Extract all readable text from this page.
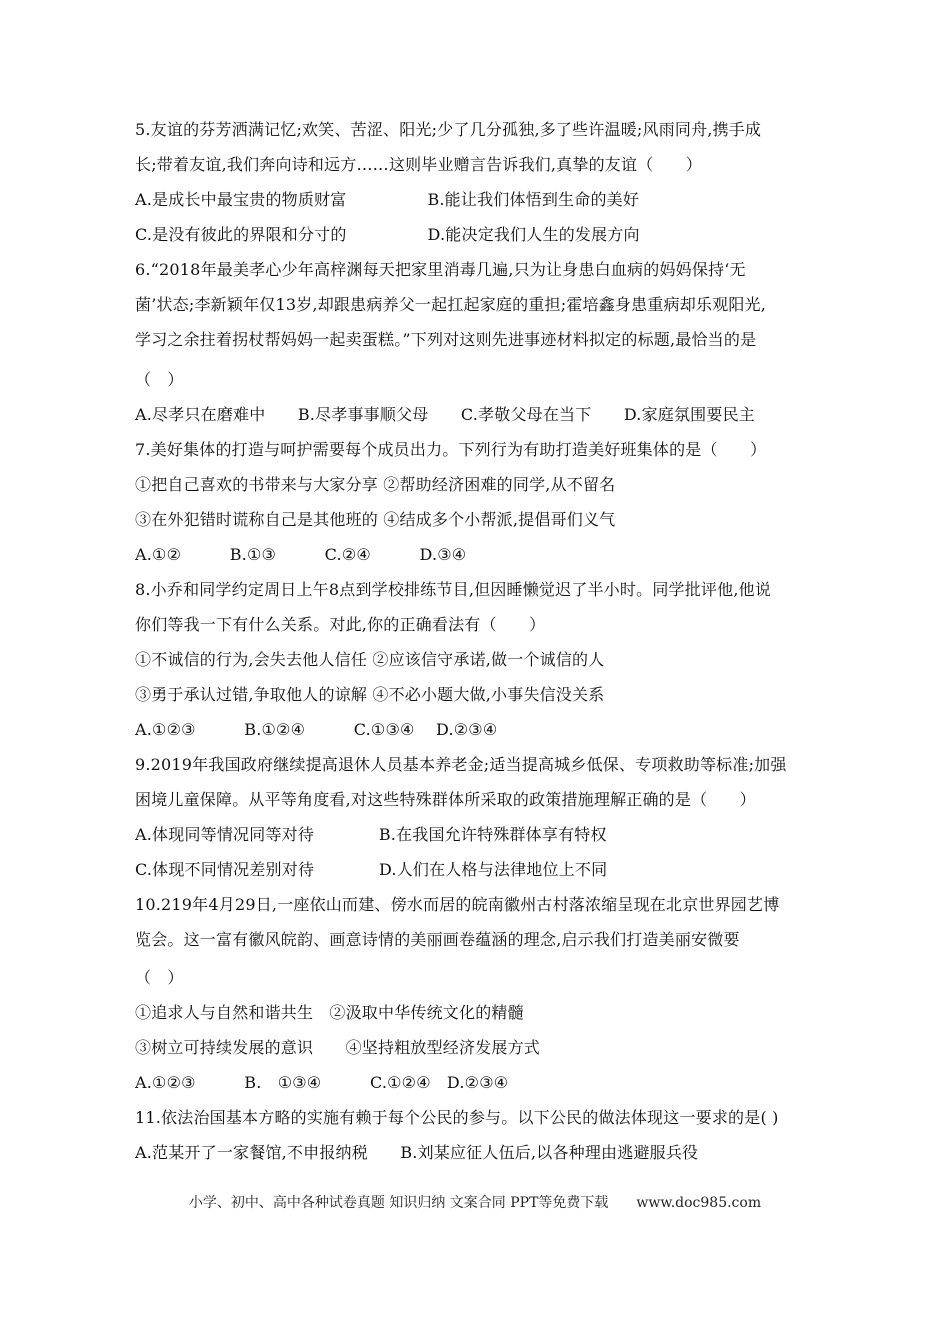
5.友谊的芬芳洒满记忆;欢笑、苦涩、阳光;少了几分孤独,多了些许温暖;风雨同舟,携手成
长;带着友谊,我们奔向诗和远方……这则毕业赠言告诉我们,真挚的友谊（　　）
A.是成长中最宝贵的物质财富　　　　　B.能让我们体悟到生命的美好
C.是没有彼此的界限和分寸的　　　　　D.能决定我们人生的发展方向
6.“2018年最美孝心少年高梓渊每天把家里消毒几遍,只为让身患白血病的妈妈保持‘无
菌’状态;李新颖年仅13岁,却跟患病养父一起扛起家庭的重担;霍培鑫身患重病却乐观阳光,
学习之余拄着拐杖帮妈妈一起卖蛋糕。”下列对这则先进事迹材料拟定的标题,最恰当的是
（　）
A.尽孝只在磨难中　　B.尽孝事事顺父母　　C.孝敬父母在当下　　D.家庭氛围要民主
7.美好集体的打造与呵护需要每个成员出力。下列行为有助打造美好班集体的是（　　）
①把自己喜欢的书带来与大家分享 ②帮助经济困难的同学,从不留名
③在外犯错时谎称自己是其他班的 ④结成多个小帮派,提倡哥们义气
A.①②　　　B.①③　　　C.②④　　　D.③④
8.小乔和同学约定周日上午8点到学校排练节目,但因睡懒觉迟了半小时。同学批评他,他说
你们等我一下有什么关系。对此,你的正确看法有（　　）
①不诚信的行为,会失去他人信任 ②应该信守承诺,做一个诚信的人
③勇于承认过错,争取他人的谅解 ④不必小题大做,小事失信没关系
A.①②③　　　B.①②④　　　C.①③④　 D.②③④
9.2019年我国政府继续提高退休人员基本养老金;适当提高城乡低保、专项救助等标准;加强
困境儿童保障。从平等角度看,对这些特殊群体所采取的政策措施理解正确的是（　　）
A.体现同等情况同等对待　　　　B.在我国允许特殊群体享有特权
C.体现不同情况差别对待　　　　D.人们在人格与法律地位上不同
10.219年4月29日,一座依山而建、傍水而居的皖南徽州古村落浓缩呈现在北京世界园艺博
览会。这一富有徽风皖韵、画意诗情的美丽画卷蕴涵的理念,启示我们打造美丽安微要
（　）
①追求人与自然和谐共生　②汲取中华传统文化的精髓
③树立可持续发展的意识　　④坚持粗放型经济发展方式
A.①②③　　　B.　①③④　　　C.①②④　D.②③④
11.依法治国基本方略的实施有赖于每个公民的参与。以下公民的做法体现这一要求的是( )
A.范某开了一家餐馆,不申报纳税　　B.刘某应征人伍后,以各种理由逃避服兵役
小学、初中、高中各种试卷真题 知识归纳 文案合同 PPT等免费下载　　www.doc985.com
